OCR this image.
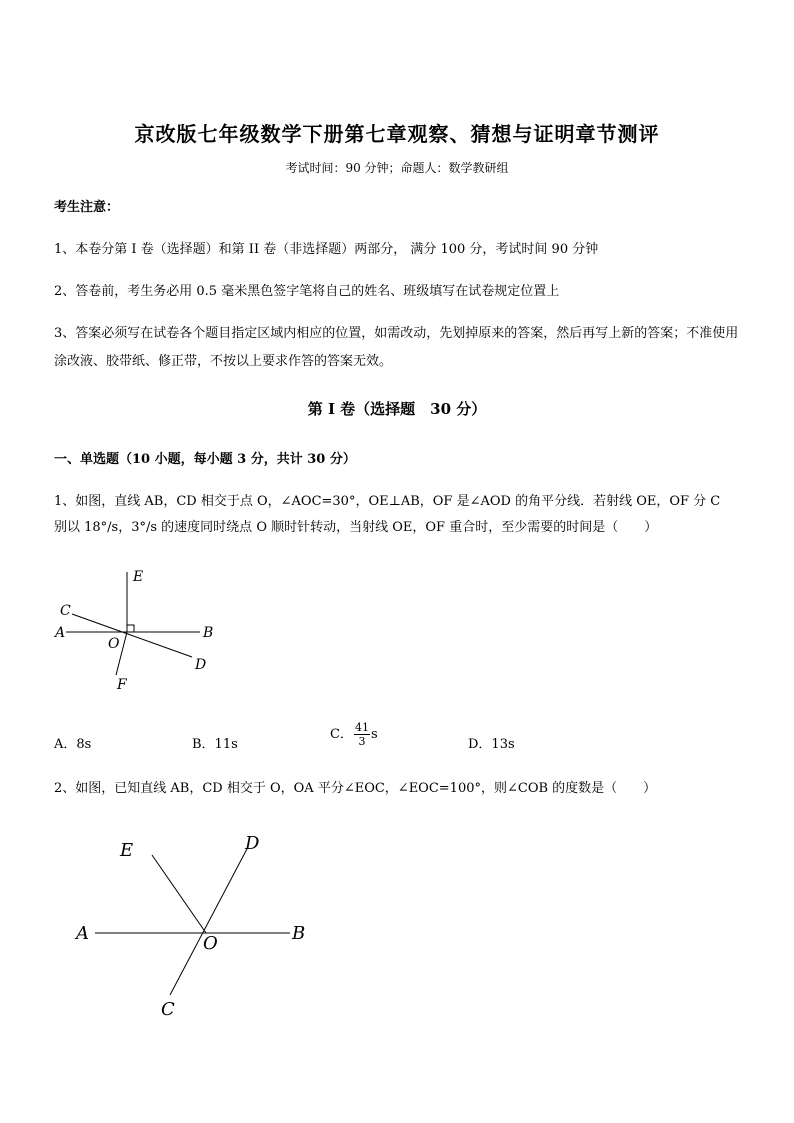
京改版七年级数学下册第七章观察、猜想与证明章节测评
考试时间：90 分钟；命题人：数学教研组
考生注意：
1、本卷分第 I 卷（选择题）和第 II 卷（非选择题）两部分， 满分 100 分，考试时间 90 分钟
2、答卷前，考生务必用 0.5 毫米黑色签字笔将自己的姓名、班级填写在试卷规定位置上
3、答案必须写在试卷各个题目指定区域内相应的位置，如需改动，先划掉原来的答案，然后再写上新的答案；不准使用涂改液、胶带纸、修正带，不按以上要求作答的答案无效。
第 I 卷（选择题　30 分）
一、单选题（10 小题，每小题 3 分，共计 30 分）
1、如图，直线 AB，CD 相交于点 O，∠AOC=30°，OE⊥AB，OF 是∠AOD 的角平分线．若射线 OE，OF 分 C
别以 18°/s，3°/s 的速度同时绕点 O 顺时针转动，当射线 OE，OF 重合时，至少需要的时间是（　　）
E
C
A
O
B
D
F
A．8s	B．11s
C． $\frac{41}{3}$ s
D．13s
2、如图，已知直线 AB，CD 相交于 O，OA 平分∠EOC，∠EOC=100°，则∠COB 的度数是（　　）
E	D
A	O	B
C
